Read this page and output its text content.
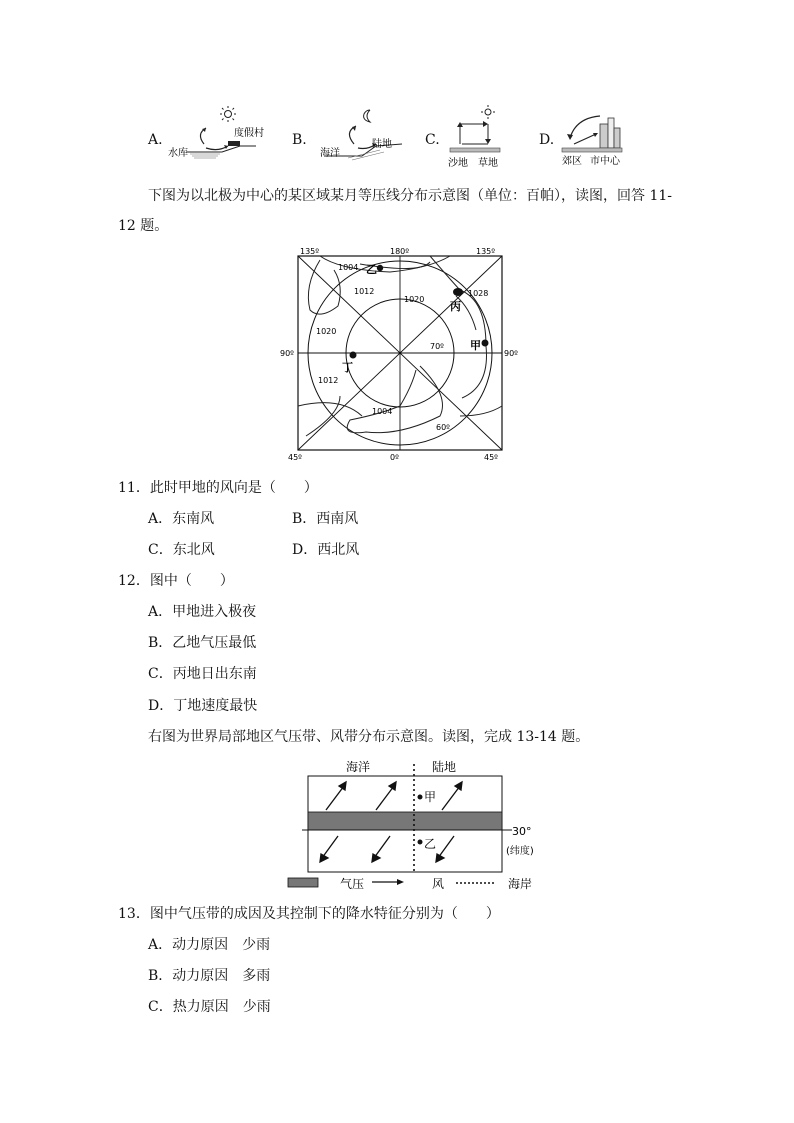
A.	度假村
水库
B.	陆地
海洋
C.
沙地 草地
D.
郊区 市中心
下图为以北极为中心的某区域某月等压线分布示意图（单位：百帕），读图，回答 11-
12 题。
135º	180º	135º
90º	90º
45º	0º	45º
1004
1012
1020
1028
1020
1012
1004
70º
60º
乙
丙
甲
丁
11．此时甲地的风向是（　　）
A．东南风	B．西南风
C．东北风	D．西北风
12．图中（　　）
A．甲地进入极夜
B．乙地气压最低
C．丙地日出东南
D．丁地速度最快
右图为世界局部地区气压带、风带分布示意图。读图，完成 13-14 题。
海洋	陆地
甲
乙
30°
(纬度)
气压	风	海岸
13．图中气压带的成因及其控制下的降水特征分别为（　　）
A．动力原因　少雨
B．动力原因　多雨
C．热力原因　少雨
